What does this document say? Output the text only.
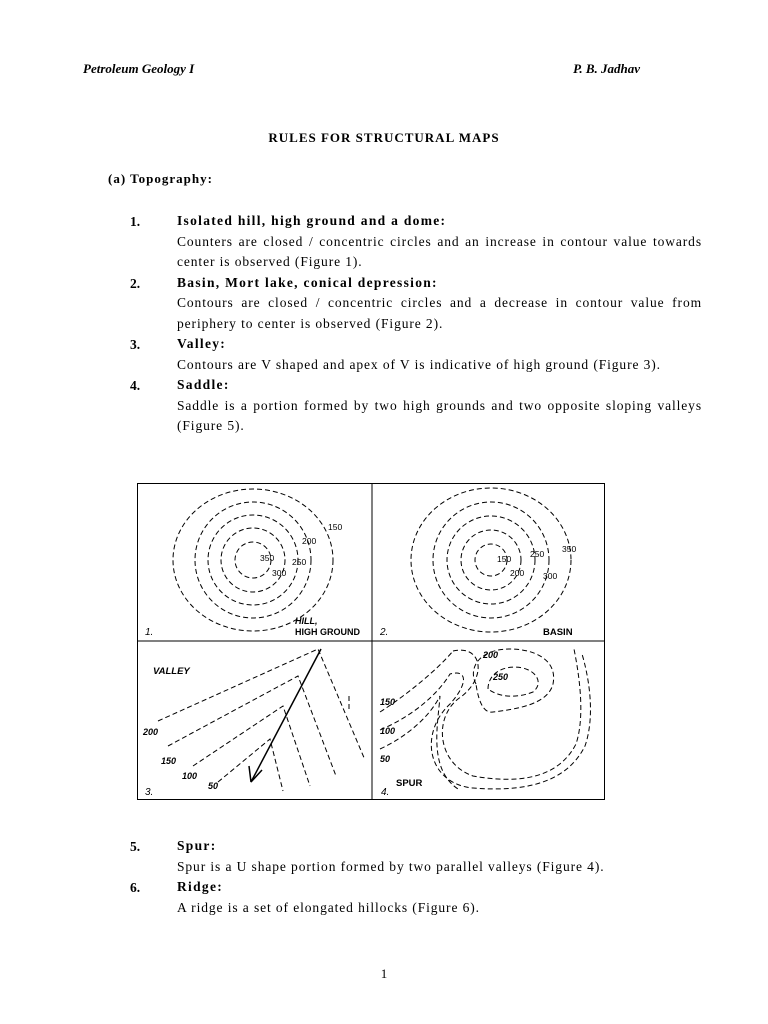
Petroleum Geology I	P. B. Jadhav
RULES FOR STRUCTURAL MAPS
(a) Topography:
1.	Isolated hill, high ground and a dome:
Counters are closed / concentric circles and an increase in contour value towards center is observed (Figure 1).
2.	Basin, Mort lake, conical depression:
Contours are closed / concentric circles and a decrease in contour value from periphery to center is observed (Figure 2).
3.	Valley:
Contours are V shaped and apex of V is indicative of high ground (Figure 3).
4.	Saddle:
Saddle is a portion formed by two high grounds and two opposite sloping valleys (Figure 5).
350
300
250
200
150
1.
HILL,
HIGH GROUND
150
200
250
300
350
2.	BASIN
VALLEY
200
150
100
50
3.
200
250
150
100
50
SPUR
4.
5.	Spur:
Spur is a U shape portion formed by two parallel valleys (Figure 4).
6.	Ridge:
A ridge is a set of elongated hillocks (Figure 6).
1
